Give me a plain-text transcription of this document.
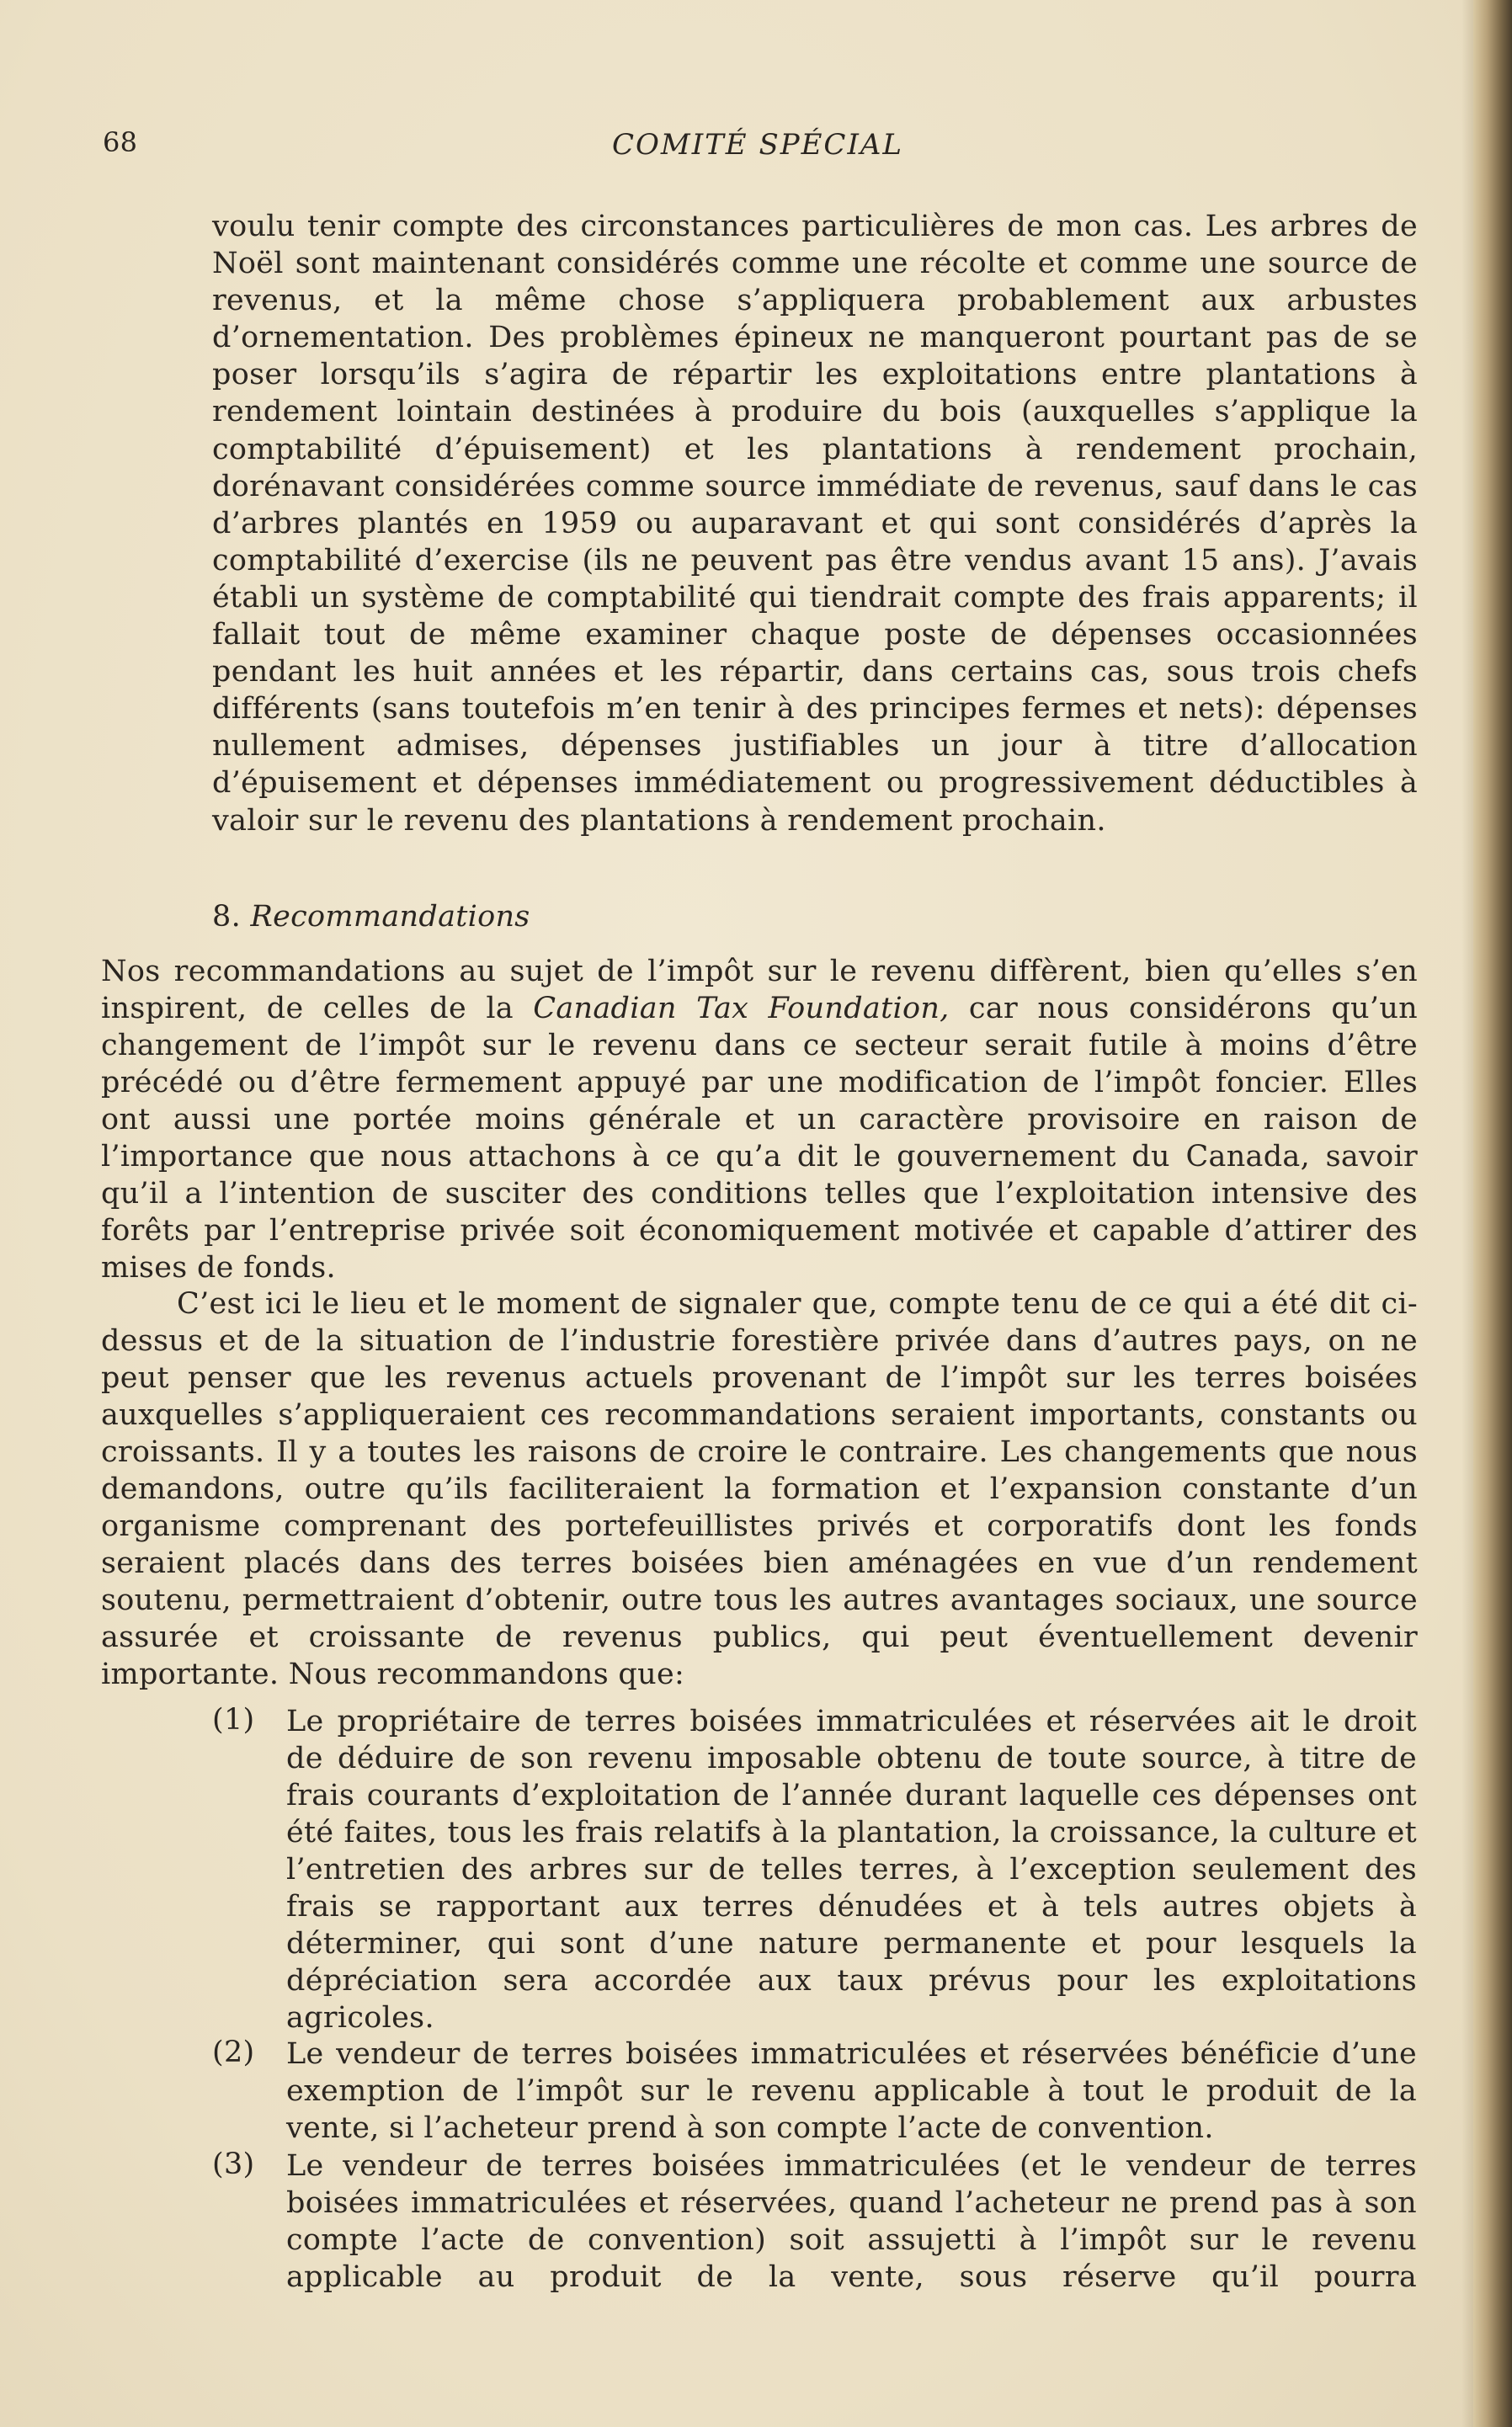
68	COMITÉ SPÉCIAL

voulu tenir compte des circonstances particulières de mon cas. Les arbres de Noël sont maintenant considérés comme une récolte et comme une source de revenus, et la même chose s’appliquera probablement aux arbustes d’ornementation. Des problèmes épineux ne manqueront pourtant pas de se poser lorsqu’ils s’agira de répartir les exploitations entre plantations à rendement lointain destinées à produire du bois (auxquelles s’applique la comptabilité d’épuisement) et les plantations à rendement prochain, dorénavant considérées comme source immédiate de revenus, sauf dans le cas d’arbres plantés en 1959 ou auparavant et qui sont considérés d’après la comptabilité d’exercise (ils ne peuvent pas être vendus avant 15 ans). J’avais établi un système de comptabilité qui tiendrait compte des frais apparents; il fallait tout de même examiner chaque poste de dépenses occasionnées pendant les huit années et les répartir, dans certains cas, sous trois chefs différents (sans toutefois m’en tenir à des principes fermes et nets): dépenses nullement admises, dépenses justifiables un jour à titre d’allocation d’épuisement et dépenses immédiatement ou progressivement déductibles à valoir sur le revenu des plantations à rendement prochain.

8. Recommandations

Nos recommandations au sujet de l’impôt sur le revenu diffèrent, bien qu’elles s’en inspirent, de celles de la Canadian Tax Foundation, car nous considérons qu’un changement de l’impôt sur le revenu dans ce secteur serait futile à moins d’être précédé ou d’être fermement appuyé par une modification de l’impôt foncier. Elles ont aussi une portée moins générale et un caractère provisoire en raison de l’importance que nous attachons à ce qu’a dit le gouvernement du Canada, savoir qu’il a l’intention de susciter des conditions telles que l’exploitation intensive des forêts par l’entreprise privée soit économiquement motivée et capable d’attirer des mises de fonds.

C’est ici le lieu et le moment de signaler que, compte tenu de ce qui a été dit ci-dessus et de la situation de l’industrie forestière privée dans d’autres pays, on ne peut penser que les revenus actuels provenant de l’impôt sur les terres boisées auxquelles s’appliqueraient ces recommandations seraient importants, constants ou croissants. Il y a toutes les raisons de croire le contraire. Les changements que nous demandons, outre qu’ils faciliteraient la formation et l’expansion constante d’un organisme comprenant des portefeuillistes privés et corporatifs dont les fonds seraient placés dans des terres boisées bien aménagées en vue d’un rendement soutenu, permettraient d’obtenir, outre tous les autres avantages sociaux, une source assurée et croissante de revenus publics, qui peut éventuellement devenir importante. Nous recommandons que:

(1) Le propriétaire de terres boisées immatriculées et réservées ait le droit de déduire de son revenu imposable obtenu de toute source, à titre de frais courants d’exploitation de l’année durant laquelle ces dépenses ont été faites, tous les frais relatifs à la plantation, la croissance, la culture et l’entretien des arbres sur de telles terres, à l’exception seulement des frais se rapportant aux terres dénudées et à tels autres objets à déterminer, qui sont d’une nature permanente et pour lesquels la dépréciation sera accordée aux taux prévus pour les exploitations agricoles.

(2) Le vendeur de terres boisées immatriculées et réservées bénéficie d’une exemption de l’impôt sur le revenu applicable à tout le produit de la vente, si l’acheteur prend à son compte l’acte de convention.

(3) Le vendeur de terres boisées immatriculées (et le vendeur de terres boisées immatriculées et réservées, quand l’acheteur ne prend pas à son compte l’acte de convention) soit assujetti à l’impôt sur le revenu applicable au produit de la vente, sous réserve qu’il pourra
